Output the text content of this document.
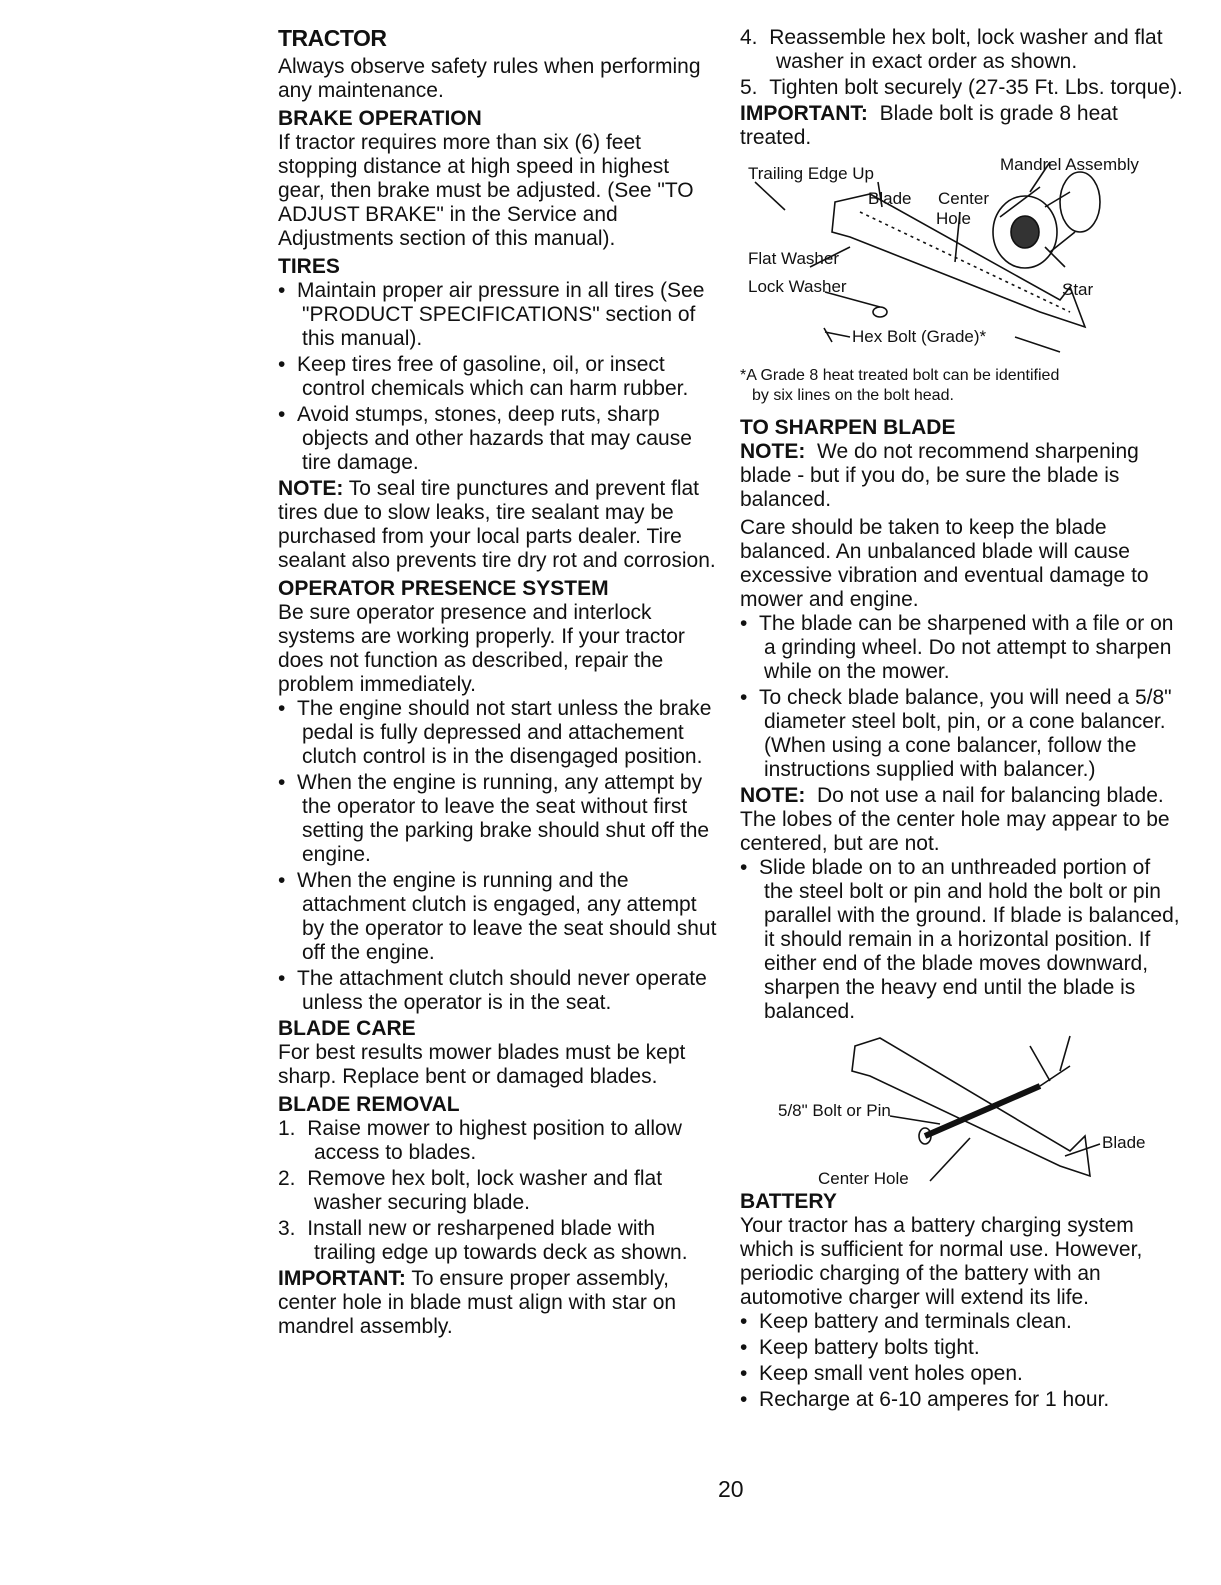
TRACTOR

Always observe safety rules when performing any maintenance.

BRAKE OPERATION

If tractor requires more than six (6) feet stopping distance at high speed in highest gear, then brake must be adjusted. (See "TO ADJUST BRAKE" in the Service and Adjustments section of this manual).

TIRES
•  Maintain proper air pressure in all tires (See "PRODUCT SPECIFICATIONS" section of this manual).
•  Keep tires free of gasoline, oil, or insect control chemicals which can harm rubber.
•  Avoid stumps, stones, deep ruts, sharp objects and other hazards that may cause tire damage.

NOTE: To seal tire punctures and prevent flat tires due to slow leaks, tire sealant may be purchased from your local parts dealer. Tire sealant also prevents tire dry rot and corrosion.

OPERATOR PRESENCE SYSTEM

Be sure operator presence and interlock systems are working properly. If your tractor does not function as described, repair the problem immediately.

•  The engine should not start unless the brake pedal is fully depressed and attachement clutch control is in the disengaged position.
•  When the engine is running, any attempt by the operator to leave the seat without first setting the parking brake should shut off the engine.
•  When the engine is running and the attachment clutch is engaged, any attempt by the operator to leave the seat should shut off the engine.
•  The attachment clutch should never operate unless the operator is in the seat.
BLADE CARE

For best results mower blades must be kept sharp. Replace bent or damaged blades.

BLADE REMOVAL
1. Raise mower to highest position to allow access to blades.
2. Remove hex bolt, lock washer and flat washer securing blade.
3. Install new or resharpened blade with trailing edge up towards deck as shown.

IMPORTANT: To ensure proper assembly, center hole in blade must align with star on mandrel assembly.

4. Reassemble hex bolt, lock washer and flat washer in exact order as shown.
5. Tighten bolt securely (27-35 Ft. Lbs. torque).

IMPORTANT: Blade bolt is grade 8 heat treated.

Mandrel Assembly
Trailing Edge Up
Blade Center
Hole
Flat Washer
Lock Washer	Star
Hex Bolt (Grade)*
*A Grade 8 heat treated bolt can be identified
by six lines on the bolt head.
TO SHARPEN BLADE

NOTE: We do not recommend sharpening blade - but if you do, be sure the blade is balanced.

Care should be taken to keep the blade balanced. An unbalanced blade will cause excessive vibration and eventual damage to mower and engine.

•  The blade can be sharpened with a file or on a grinding wheel. Do not attempt to sharpen while on the mower.
•  To check blade balance, you will need a 5/8" diameter steel bolt, pin, or a cone balancer. (When using a cone balancer, follow the instructions supplied with balancer.)

NOTE: Do not use a nail for balancing blade. The lobes of the center hole may appear to be centered, but are not.

•  Slide blade on to an unthreaded portion of the steel bolt or pin and hold the bolt or pin parallel with the ground. If blade is balanced, it should remain in a horizontal position. If either end of the blade moves downward, sharpen the heavy end until the blade is balanced.
5/8" Bolt or Pin
Blade
Center Hole
BATTERY

Your tractor has a battery charging system which is sufficient for normal use. However, periodic charging of the battery with an automotive charger will extend its life.

•  Keep battery and terminals clean.
•  Keep battery bolts tight.
•  Keep small vent holes open.
•  Recharge at 6-10 amperes for 1 hour.
20
